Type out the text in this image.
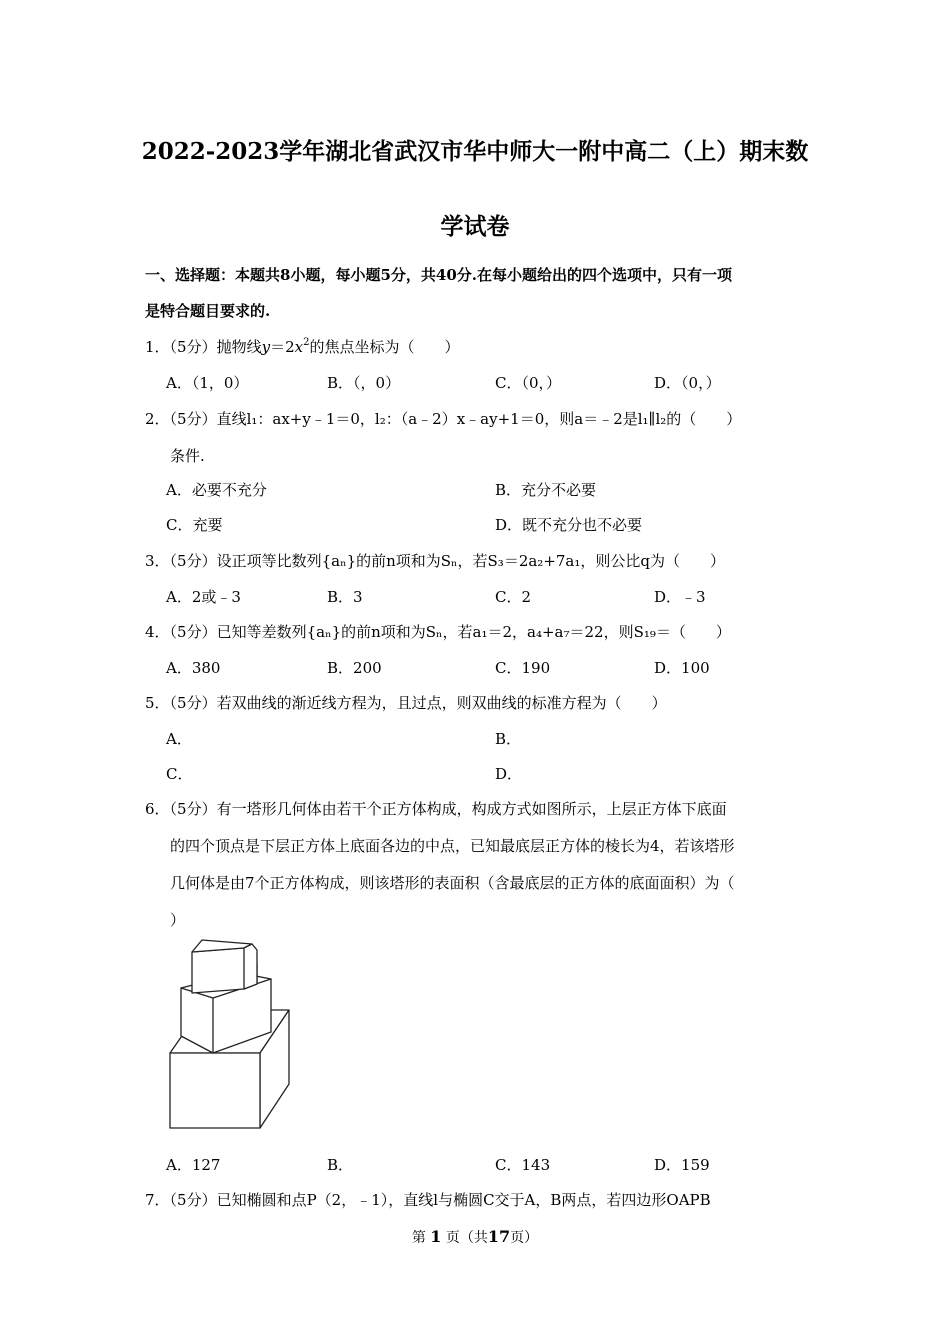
2022-2023学年湖北省武汉市华中师大一附中高二（上）期末数
学试卷
一、选择题：本题共8小题，每小题5分，共40分.在每小题给出的四个选项中，只有一项
是特合题目要求的.
1．（5分）抛物线$y=2x^2$的焦点坐标为（　　）
A．（1，0）	B．（，0）	C．（0，）	D．（0，）
2．（5分）直线l₁：ax+y﹣1＝0，l₂：（a﹣2）x﹣ay+1＝0，则a＝﹣2是l₁∥l₂的（　　）
条件.
A．必要不充分	B．充分不必要
C．充要	D．既不充分也不必要
3．（5分）设正项等比数列{aₙ}的前n项和为Sₙ，若S₃＝2a₂+7a₁，则公比q为（　　）
A．2或﹣3	B．3	C．2	D．﹣3
4．（5分）已知等差数列{aₙ}的前n项和为Sₙ，若a₁＝2，a₄+a₇＝22，则S₁₉＝（　　）
A．380	B．200	C．190	D．100
5．（5分）若双曲线的渐近线方程为，且过点，则双曲线的标准方程为（　　）
A．	B．
C．	D．
6．（5分）有一塔形几何体由若干个正方体构成，构成方式如图所示，上层正方体下底面
的四个顶点是下层正方体上底面各边的中点，已知最底层正方体的棱长为4，若该塔形
几何体是由7个正方体构成，则该塔形的表面积（含最底层的正方体的底面面积）为（
）
A．127	B．	C．143	D．159
7．（5分）已知椭圆和点P（2，﹣1），直线l与椭圆C交于A，B两点，若四边形OAPB
第 1 页（共17页）
